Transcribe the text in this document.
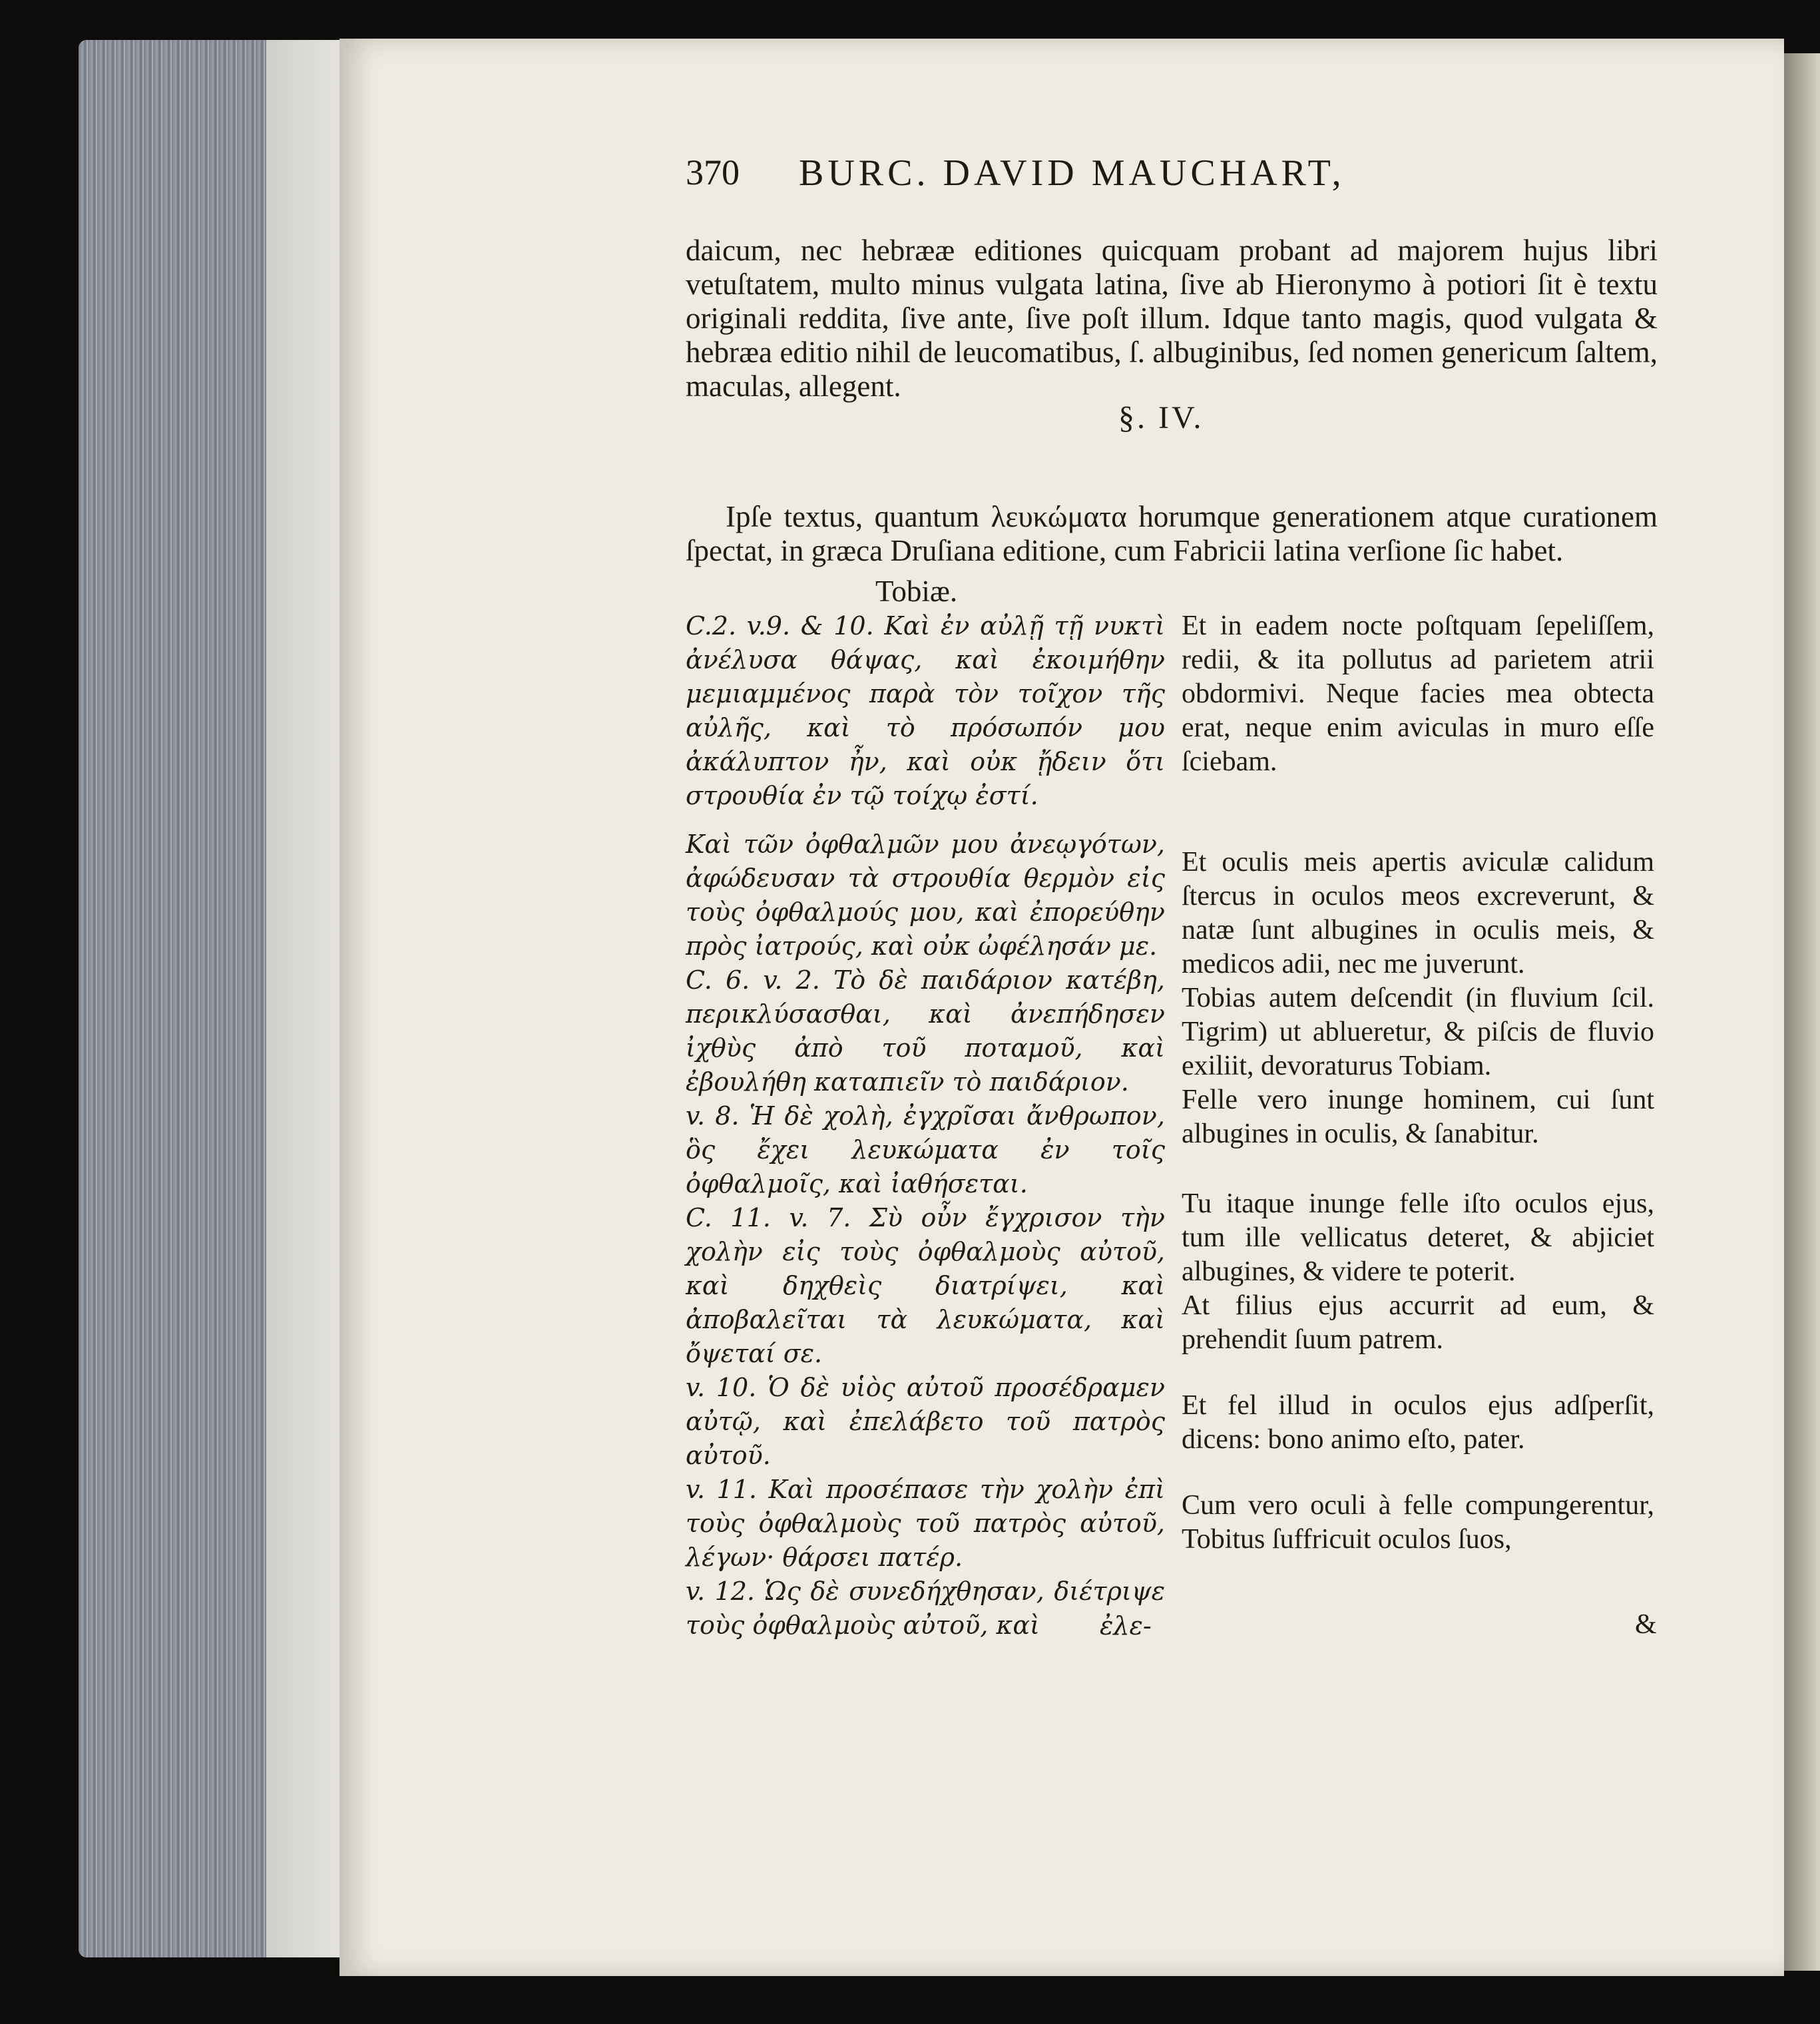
370 BURC. DAVID MAUCHART,

daicum, nec hebrææ editiones quicquam probant ad majorem hujus libri vetuſtatem, multo minus vulgata latina, ſive ab Hieronymo à potiori ſit è textu originali reddita, ſive ante, ſive poſt illum. Idque tanto magis, quod vulgata & hebræa editio nihil de leucomatibus, ſ. albuginibus, ſed nomen genericum ſaltem, maculas, allegent.

§. IV.

Ipſe textus, quantum λευκώματα horumque generationem atque curationem ſpectat, in græca Druſiana editione, cum Fabricii latina verſione ſic habet.

Tobiæ.

C.2. v.9. & 10. Καὶ ἐν αὐλῇ τῇ νυκτὶ ἀνέλυσα θάψας, καὶ ἐκοιμήθην μεμιαμμένος παρὰ τὸν τοῖχον τῆς αὐλῆς, καὶ τὸ πρόσωπόν μου ἀκάλυπτον ἦν, καὶ οὐκ ᾔδειν ὅτι στρουθία ἐν τῷ τοίχῳ ἐστί.

Καὶ τῶν ὀφθαλμῶν μου ἀνεῳγότων, ἀφώδευσαν τὰ στρουθία θερμὸν εἰς τοὺς ὀφθαλμούς μου, καὶ ἐπορεύθην πρὸς ἰατρούς, καὶ οὐκ ὠφέλησάν με.

C. 6. v. 2. Τὸ δὲ παιδάριον κατέβη, περικλύσασθαι, καὶ ἀνεπήδησεν ἰχθὺς ἀπὸ τοῦ ποταμοῦ, καὶ ἐβουλήθη καταπιεῖν τὸ παιδάριον.

v. 8. Ἡ δὲ χολὴ, ἐγχρῖσαι ἄνθρωπον, ὃς ἔχει λευκώματα ἐν τοῖς ὀφθαλμοῖς, καὶ ἰαθήσεται.

C. 11. v. 7. Σὺ οὖν ἔγχρισον τὴν χολὴν εἰς τοὺς ὀφθαλμοὺς αὐτοῦ, καὶ δηχθεὶς διατρίψει, καὶ ἀποβαλεῖται τὰ λευκώματα, καὶ ὄψεταί σε.

v. 10. Ὁ δὲ υἱὸς αὐτοῦ προσέδραμεν αὐτῷ, καὶ ἐπελάβετο τοῦ πατρὸς αὐτοῦ.

v. 11. Καὶ προσέπασε τὴν χολὴν ἐπὶ τοὺς ὀφθαλμοὺς τοῦ πατρὸς αὐτοῦ, λέγων· θάρσει πατέρ.

v. 12. Ὡς δὲ συνεδήχθησαν, διέτριψε τοὺς ὀφθαλμοὺς αὐτοῦ, καὶ	ἐλε-

Et in eadem nocte poſtquam ſepeliſſem, redii, & ita pollutus ad parietem atrii obdormivi. Neque facies mea obtecta erat, neque enim aviculas in muro eſſe ſciebam.

Et oculis meis apertis aviculæ calidum ſtercus in oculos meos excreverunt, & natæ ſunt albugines in oculis meis, & medicos adii, nec me juverunt.

Tobias autem deſcendit (in fluvium ſcil. Tigrim) ut ablueretur, & piſcis de fluvio exiliit, devoraturus Tobiam.

Felle vero inunge hominem, cui ſunt albugines in oculis, & ſanabitur.

Tu itaque inunge felle iſto oculos ejus, tum ille vellicatus deteret, & abjiciet albugines, & videre te poterit.

At filius ejus accurrit ad eum, & prehendit ſuum patrem.

Et fel illud in oculos ejus adſperſit, dicens: bono animo eſto, pater.

Cum vero oculi à felle compungerentur, Tobitus ſuffricuit oculos ſuos,

&
